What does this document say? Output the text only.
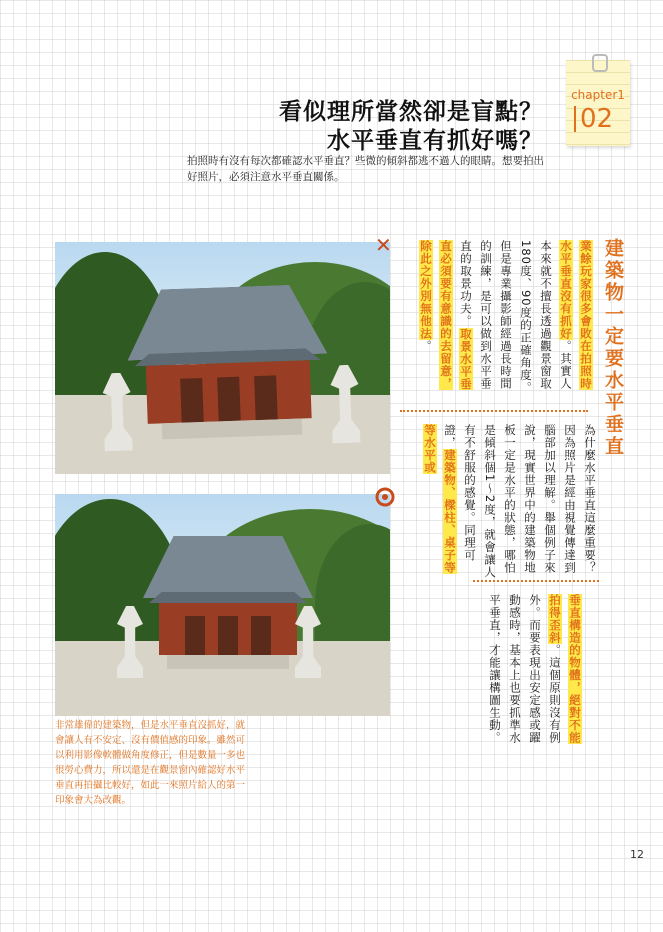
chapter1
02
看似理所當然卻是盲點？
水平垂直有抓好嗎？
拍照時有沒有每次都確認水平垂直？些微的傾斜都逃不過人的眼睛。想要拍出好照片，必須注意水平垂直關係。
✕
非常雄偉的建築物，但是水平垂直沒抓好，就會讓人有不安定、沒有價值感的印象。雖然可以利用影像軟體做角度修正，但是數量一多也很勞心費力，所以還是在觀景窗內確認好水平垂直再拍攝比較好，如此一來照片給人的第一印象會大為改觀。
建築物一定要水平垂直
業餘玩家很多會敗在拍照時水平垂直沒有抓好。其實人本來就不擅長透過觀景窗取180度、90度的正確角度。但是專業攝影師經過長時間的訓練，是可以做到水平垂直的取景功夫。取景水平垂直必須要有意識的去留意，除此之外別無他法。
為什麼水平垂直這麼重要？因為照片是經由視覺傳達到腦部加以理解。舉個例子來說，現實世界中的建築物地板一定是水平的狀態，哪怕是傾斜個1～2度，就會讓人有不舒服的感覺。同理可證，建築物、樑柱、桌子等等水平或
垂直構造的物體，絕對不能拍得歪斜。這個原則沒有例外。而要表現出安定感或躍動感時，基本上也要抓準水平垂直，才能讓構圖生動。
12
